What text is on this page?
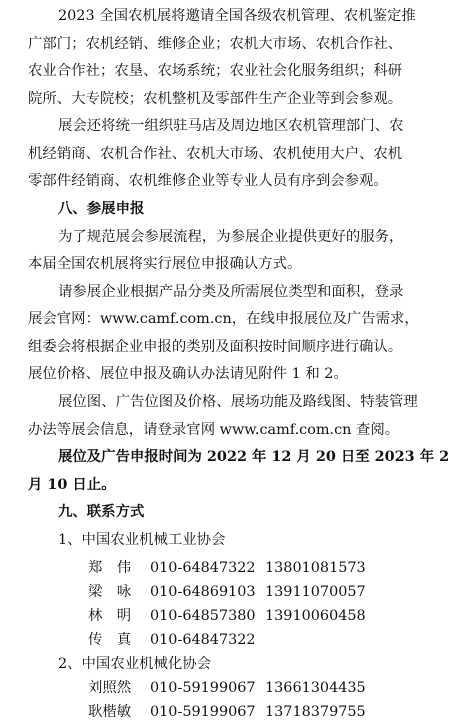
2023 全国农机展将邀请全国各级农机管理、农机鉴定推
广部门；农机经销、维修企业；农机大市场、农机合作社、
农业合作社；农垦、农场系统；农业社会化服务组织；科研
院所、大专院校；农机整机及零部件生产企业等到会参观。
展会还将统一组织驻马店及周边地区农机管理部门、农
机经销商、农机合作社、农机大市场、农机使用大户、农机
零部件经销商、农机维修企业等专业人员有序到会参观。
八、参展申报
为了规范展会参展流程，为参展企业提供更好的服务，
本届全国农机展将实行展位申报确认方式。
请参展企业根据产品分类及所需展位类型和面积，登录
展会官网：www.camf.com.cn，在线申报展位及广告需求，
组委会将根据企业申报的类别及面积按时间顺序进行确认。
展位价格、展位申报及确认办法请见附件 1 和 2。
展位图、广告位图及价格、展场功能及路线图、特装管理
办法等展会信息，请登录官网 www.camf.com.cn 查阅。
展位及广告申报时间为 2022 年 12 月 20 日至 2023 年 2
月 10 日止。
九、联系方式
1、中国农业机械工业协会
郑　伟 010-64847322 13801081573
梁　咏 010-64869103 13911070057
林　明 010-64857380 13910060458
传　真 010-64847322
2、中国农业机械化协会
刘照然 010-59199067 13661304435
耿楷敏 010-59199067 13718379755
